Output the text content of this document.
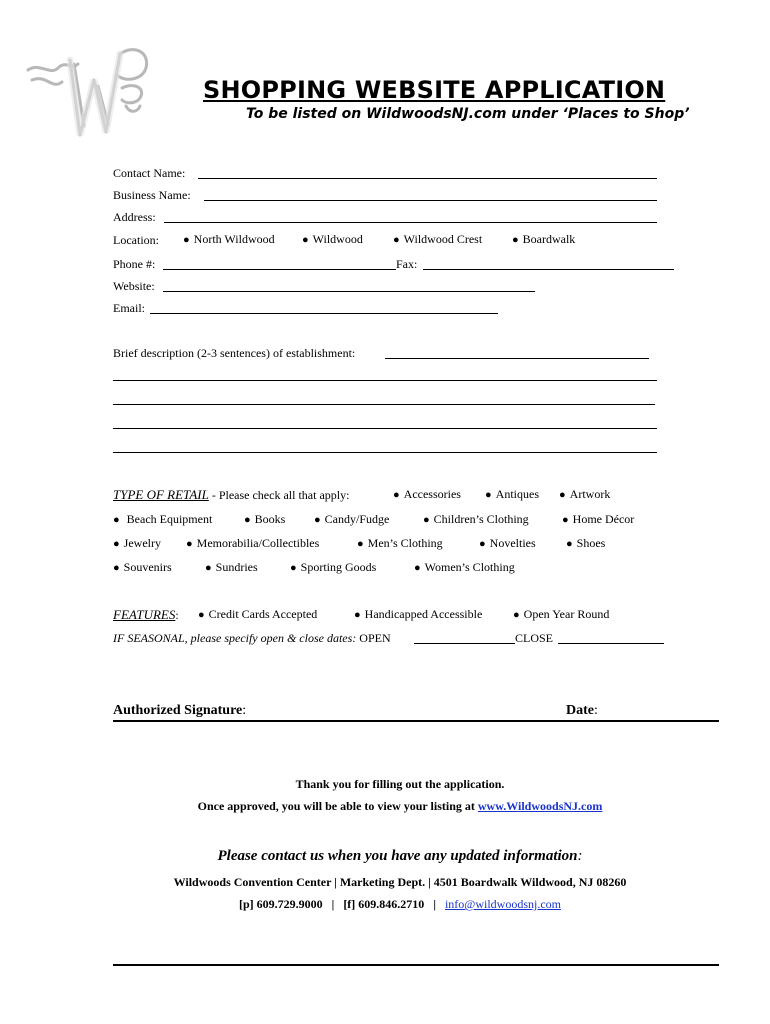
SHOPPING WEBSITE APPLICATION
To be listed on WildwoodsNJ.com under ‘Places to Shop’
Contact Name:
Business Name:
Address:
Location: ● North Wildwood ● Wildwood	● Wildwood Crest	● Boardwalk
Phone #:	Fax:
Website:
Email:
Brief description (2-3 sentences) of establishment:
TYPE OF RETAIL - Please check all that apply:	● Accessories ● Antiques ● Artwork
● Beach Equipment	● Books	● Candy/Fudge	● Children’s Clothing	● Home Décor
● Jewelry ● Memorabilia/Collectibles	● Men’s Clothing	● Novelties	● Shoes
● Souvenirs	● Sundries	● Sporting Goods	● Women’s Clothing
FEATURES: ● Credit Cards Accepted	● Handicapped Accessible	● Open Year Round
IF SEASONAL, please specify open & close dates: OPEN	CLOSE
Authorized Signature:	Date:
Thank you for filling out the application.
Once approved, you will be able to view your listing at www.WildwoodsNJ.com
Please contact us when you have any updated information:
Wildwoods Convention Center | Marketing Dept. | 4501 Boardwalk Wildwood, NJ 08260
[p] 609.729.9000 | [f] 609.846.2710 | info@wildwoodsnj.com
